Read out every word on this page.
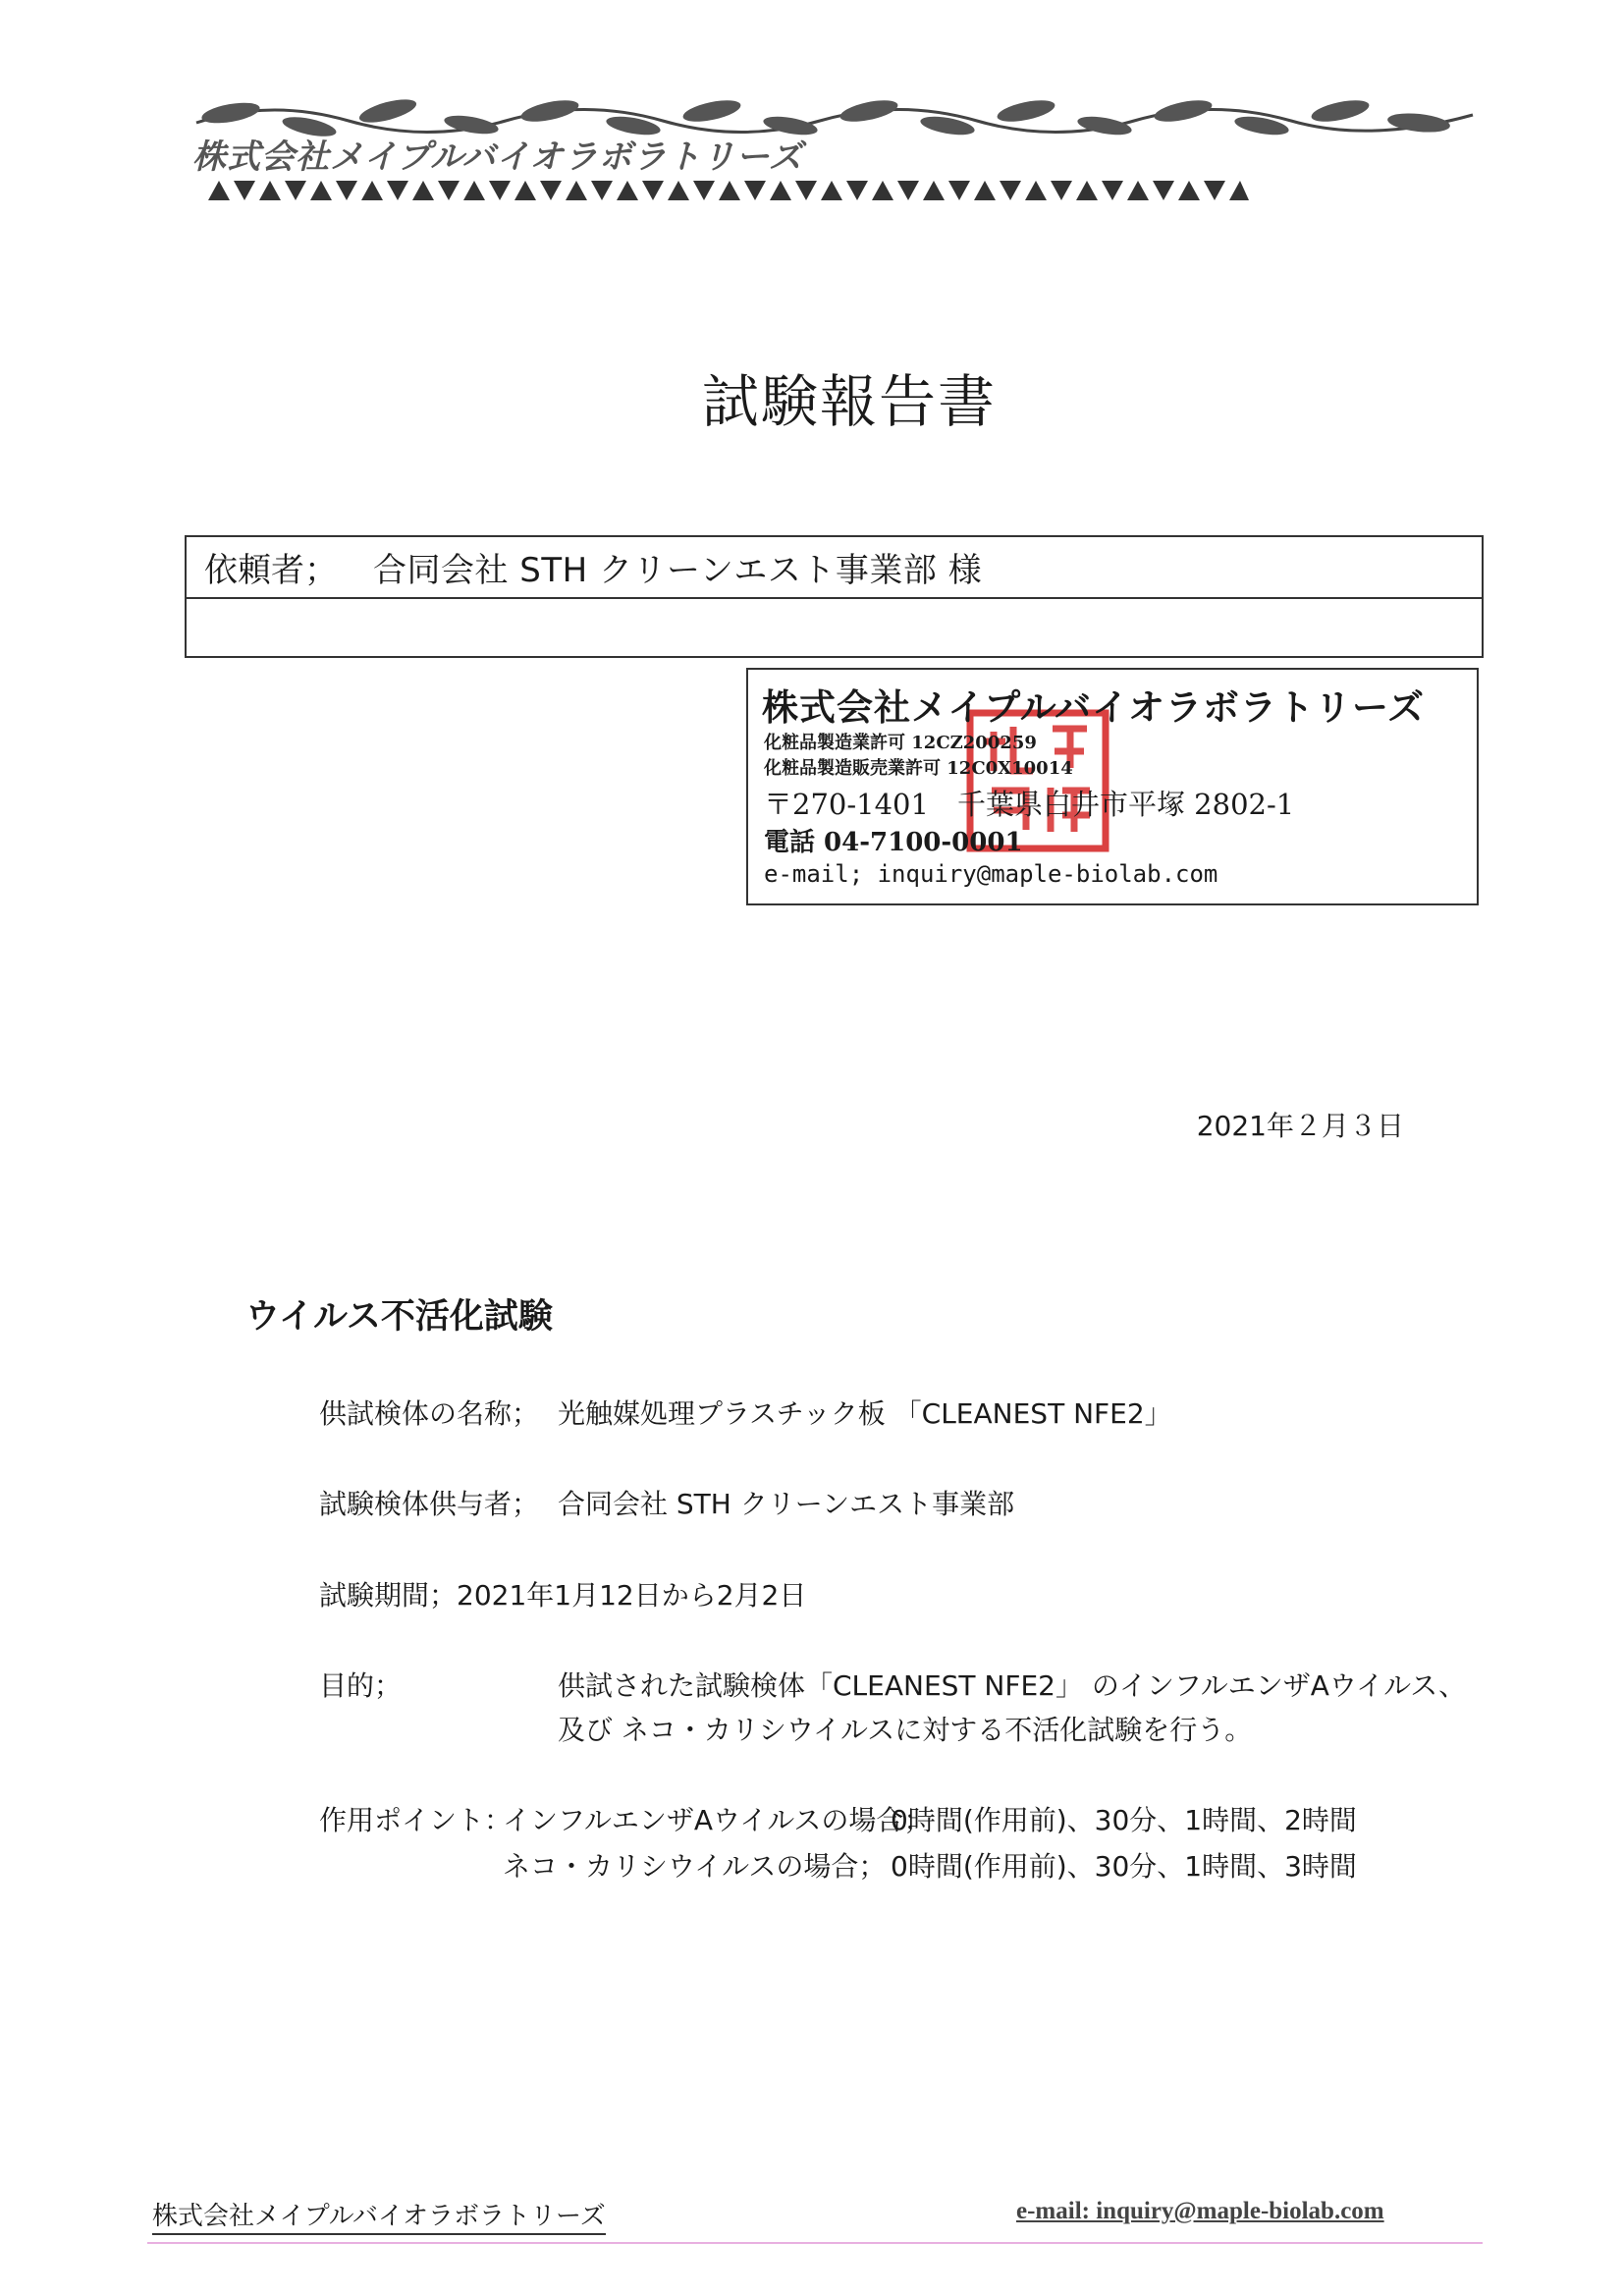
株式会社メイプルバイオラボラトリーズ
試験報告書
依頼者； 合同会社 STH クリーンエスト事業部 様
株式会社メイプルバイオラボラトリーズ
化粧品製造業許可 12CZ200259
化粧品製造販売業許可 12C0X10014
〒270-1401　千葉県白井市平塚 2802-1
電話 04-7100-0001
e-mail; inquiry@maple-biolab.com
2021年２月３日
ウイルス不活化試験
供試検体の名称； 光触媒処理プラスチック板 「CLEANEST NFE2」
試験検体供与者； 合同会社 STH クリーンエスト事業部
試験期間；2021年1月12日から2月2日
目的；	供試された試験検体「CLEANEST NFE2」 のインフルエンザAウイルス、
及び ネコ・カリシウイルスに対する不活化試験を行う。
作用ポイント：
インフルエンザAウイルスの場合；
0時間(作用前)、30分、1時間、2時間
ネコ・カリシウイルスの場合； 0時間(作用前)、30分、1時間、3時間
株式会社メイプルバイオラボラトリーズ	e-mail: inquiry@maple-biolab.com
